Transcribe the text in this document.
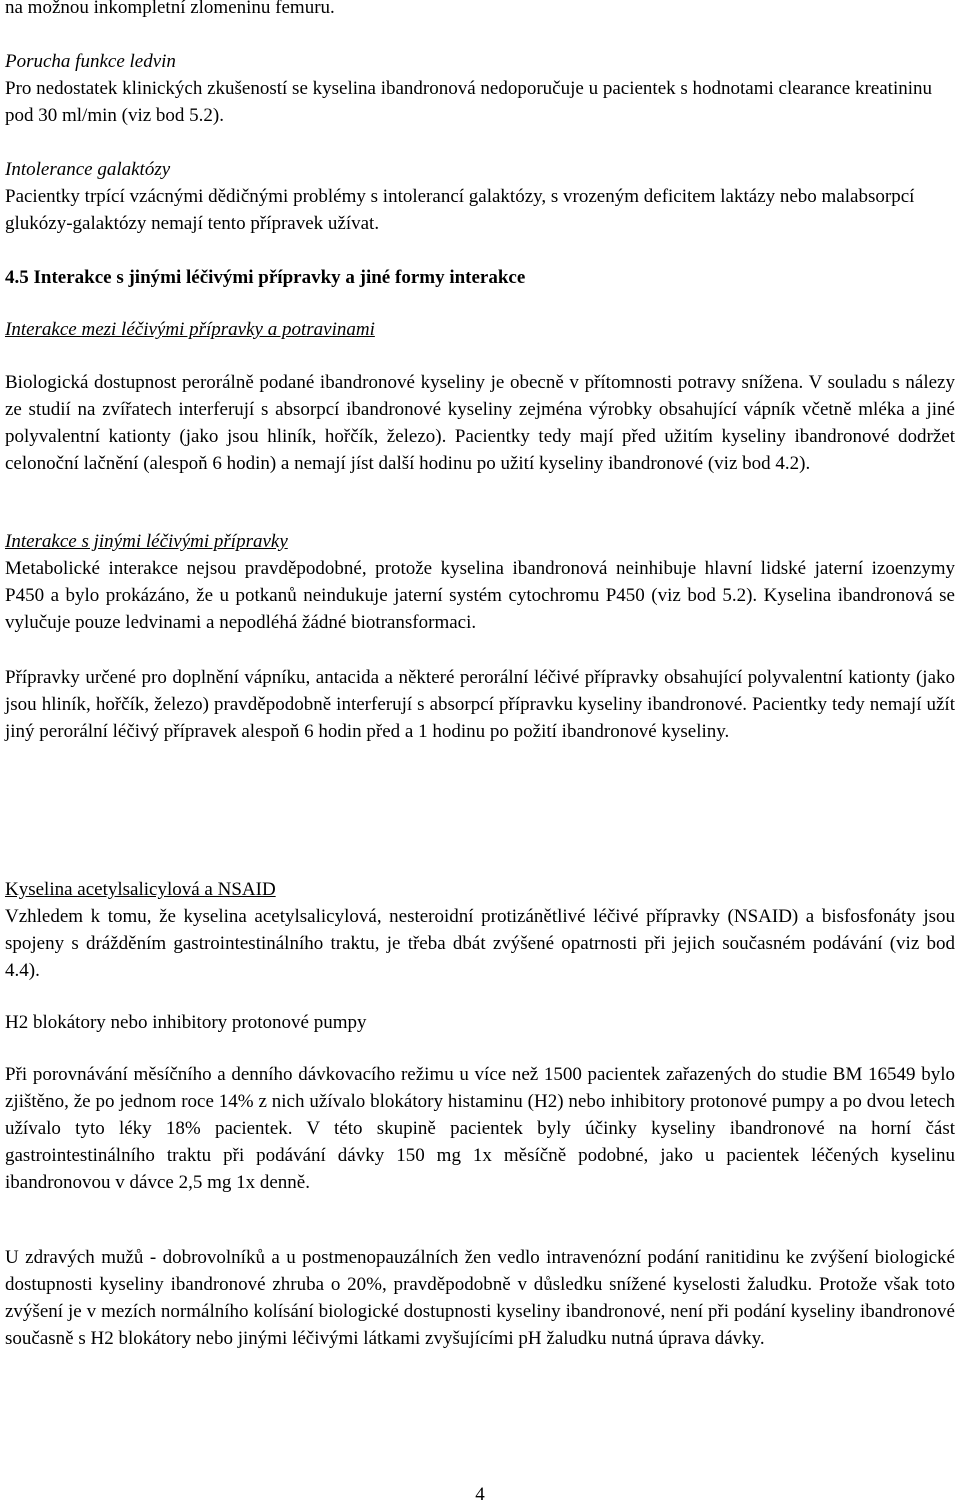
na možnou inkompletní zlomeninu femuru.

Porucha funkce ledvin

Pro nedostatek klinických zkušeností se kyselina ibandronová nedoporučuje u pacientek s hodnotami clearance kreatininu pod 30 ml/min (viz bod 5.2).

Intolerance galaktózy

Pacientky trpící vzácnými dědičnými problémy s intolerancí galaktózy, s vrozeným deficitem laktázy nebo malabsorpcí glukózy-galaktózy nemají tento přípravek užívat.

4.5 Interakce s jinými léčivými přípravky a jiné formy interakce
Interakce mezi léčivými přípravky a potravinami

Biologická dostupnost perorálně podané ibandronové kyseliny je obecně v přítomnosti potravy snížena. V souladu s nálezy ze studií na zvířatech interferují s absorpcí ibandronové kyseliny zejména výrobky obsahující vápník včetně mléka a jiné polyvalentní kationty (jako jsou hliník, hořčík, železo). Pacientky tedy mají před užitím kyseliny ibandronové dodržet celonoční lačnění (alespoň 6 hodin) a nemají jíst další hodinu po užití kyseliny ibandronové (viz bod 4.2).

Interakce s jinými léčivými přípravky

Metabolické interakce nejsou pravděpodobné, protože kyselina ibandronová neinhibuje hlavní lidské jaterní izoenzymy P450 a bylo prokázáno, že u potkanů neindukuje jaterní systém cytochromu P450 (viz bod 5.2). Kyselina ibandronová se vylučuje pouze ledvinami a nepodléhá žádné biotransformaci.

Přípravky určené pro doplnění vápníku, antacida a některé perorální léčivé přípravky obsahující polyvalentní kationty (jako jsou hliník, hořčík, železo) pravděpodobně interferují s absorpcí přípravku kyseliny ibandronové. Pacientky tedy nemají užít jiný perorální léčivý přípravek alespoň 6 hodin před a 1 hodinu po požití ibandronové kyseliny.

Kyselina acetylsalicylová a NSAID

Vzhledem k tomu, že kyselina acetylsalicylová, nesteroidní protizánětlivé léčivé přípravky (NSAID) a bisfosfonáty jsou spojeny s drážděním gastrointestinálního traktu, je třeba dbát zvýšené opatrnosti při jejich současném podávání (viz bod 4.4).

H2 blokátory nebo inhibitory protonové pumpy

Při porovnávání měsíčního a denního dávkovacího režimu u více než 1500 pacientek zařazených do studie BM 16549 bylo zjištěno, že po jednom roce 14% z nich užívalo blokátory histaminu (H2) nebo inhibitory protonové pumpy a po dvou letech užívalo tyto léky 18% pacientek. V této skupině pacientek byly účinky kyseliny ibandronové na horní část gastrointestinálního traktu při podávání dávky 150 mg 1x měsíčně podobné, jako u pacientek léčených kyselinu ibandronovou v dávce 2,5 mg 1x denně.

U zdravých mužů - dobrovolníků a u postmenopauzálních žen vedlo intravenózní podání ranitidinu ke zvýšení biologické dostupnosti kyseliny ibandronové zhruba o 20%, pravděpodobně v důsledku snížené kyselosti žaludku. Protože však toto zvýšení je v mezích normálního kolísání biologické dostupnosti kyseliny ibandronové, není při podání kyseliny ibandronové současně s H2 blokátory nebo jinými léčivými látkami zvyšujícími pH žaludku nutná úprava dávky.

4
